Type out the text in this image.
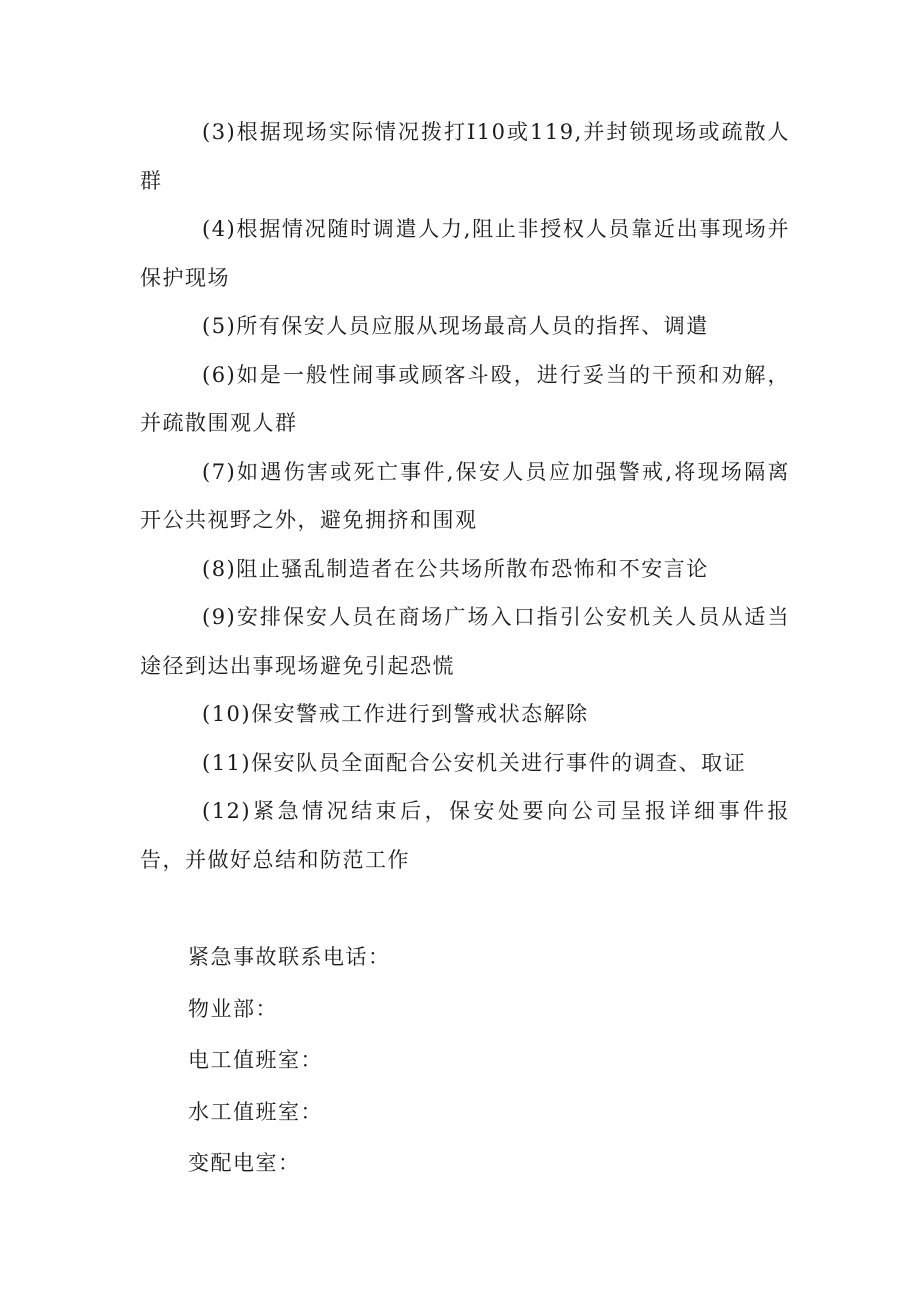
(3)根据现场实际情况拨打I10或119,并封锁现场或疏散人群

(4)根据情况随时调遣人力,阻止非授权人员靠近出事现场并保护现场

(5)所有保安人员应服从现场最高人员的指挥、调遣

(6)如是一般性闹事或顾客斗殴，进行妥当的干预和劝解，并疏散围观人群

(7)如遇伤害或死亡事件,保安人员应加强警戒,将现场隔离开公共视野之外，避免拥挤和围观

(8)阻止骚乱制造者在公共场所散布恐怖和不安言论

(9)安排保安人员在商场广场入口指引公安机关人员从适当途径到达出事现场避免引起恐慌

(10)保安警戒工作进行到警戒状态解除

(11)保安队员全面配合公安机关进行事件的调查、取证

(12)紧急情况结束后，保安处要向公司呈报详细事件报告，并做好总结和防范工作

紧急事故联系电话：

物业部：

电工值班室：

水工值班室：

变配电室：
